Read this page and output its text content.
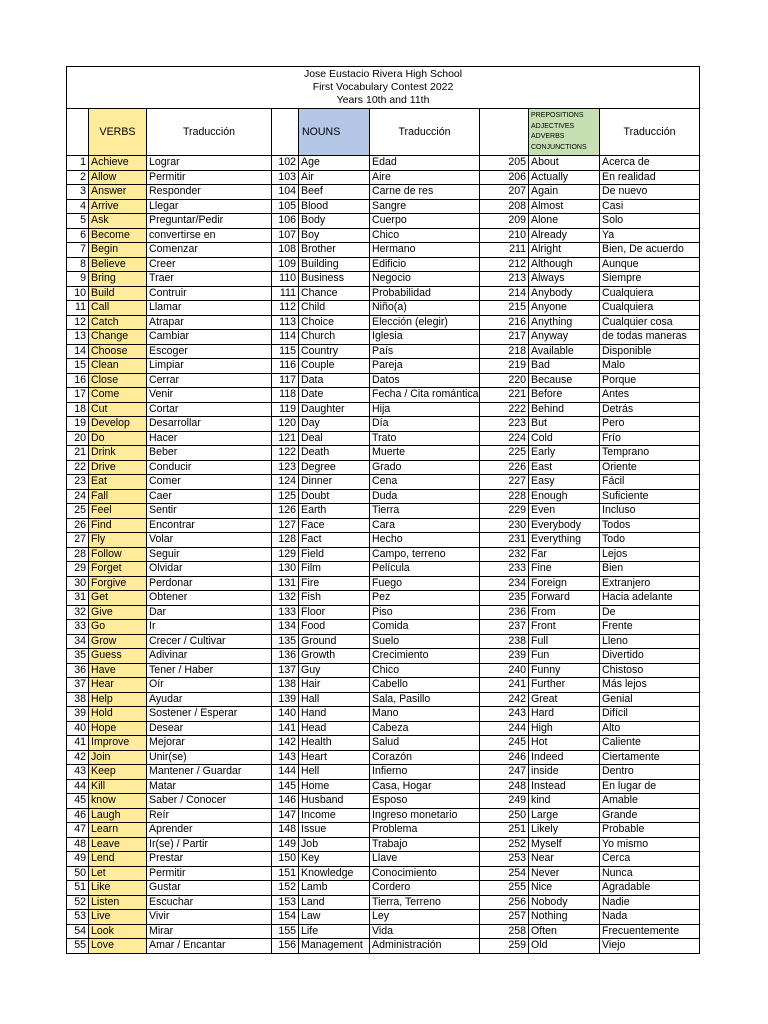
Jose Eustacio Rivera High School
First Vocabulary Contest 2022
Years 10th and 11th								

	VERBS	Traducción		NOUNS	Traducción		PREPOSITIONS
ADJECTIVES
ADVERBS
CONJUNCTIONS	Traducción
1	Achieve	Lograr	102	Age	Edad	205	About	Acerca de
2	Allow	Permitir	103	Air	Aire	206	Actually	En realidad
3	Answer	Responder	104	Beef	Carne de res	207	Again	De nuevo
4	Arrive	Llegar	105	Blood	Sangre	208	Almost	Casi
5	Ask	Preguntar/Pedir	106	Body	Cuerpo	209	Alone	Solo
6	Become	convertirse en	107	Boy	Chico	210	Already	Ya
7	Begin	Comenzar	108	Brother	Hermano	211	Alright	Bien, De acuerdo
8	Believe	Creer	109	Building	Edificio	212	Although	Aunque
9	Bring	Traer	110	Business	Negocio	213	Always	Siempre
10	Build	Contruir	111	Chance	Probabilidad	214	Anybody	Cualquiera
11	Call	Llamar	112	Child	Niño(a)	215	Anyone	Cualquiera
12	Catch	Atrapar	113	Choice	Elección (elegir)	216	Anything	Cualquier cosa
13	Change	Cambiar	114	Church	Iglesia	217	Anyway	de todas maneras
14	Choose	Escoger	115	Country	País	218	Available	Disponible
15	Clean	Limpiar	116	Couple	Pareja	219	Bad	Malo
16	Close	Cerrar	117	Data	Datos	220	Because	Porque
17	Come	Venir	118	Date	Fecha / Cita romántica	221	Before	Antes
18	Cut	Cortar	119	Daughter	Hija	222	Behind	Detrás
19	Develop	Desarrollar	120	Day	Día	223	But	Pero
20	Do	Hacer	121	Deal	Trato	224	Cold	Frío
21	Drink	Beber	122	Death	Muerte	225	Early	Temprano
22	Drive	Conducir	123	Degree	Grado	226	East	Oriente
23	Eat	Comer	124	Dinner	Cena	227	Easy	Fácil
24	Fall	Caer	125	Doubt	Duda	228	Enough	Suficiente
25	Feel	Sentir	126	Earth	Tierra	229	Even	Incluso
26	Find	Encontrar	127	Face	Cara	230	Everybody	Todos
27	Fly	Volar	128	Fact	Hecho	231	Everything	Todo
28	Follow	Seguir	129	Field	Campo, terreno	232	Far	Lejos
29	Forget	Olvidar	130	Film	Película	233	Fine	Bien
30	Forgive	Perdonar	131	Fire	Fuego	234	Foreign	Extranjero
31	Get	Obtener	132	Fish	Pez	235	Forward	Hacia adelante
32	Give	Dar	133	Floor	Piso	236	From	De
33	Go	Ir	134	Food	Comida	237	Front	Frente
34	Grow	Crecer / Cultivar	135	Ground	Suelo	238	Full	Lleno
35	Guess	Adivinar	136	Growth	Crecimiento	239	Fun	Divertido
36	Have	Tener / Haber	137	Guy	Chico	240	Funny	Chistoso
37	Hear	Oír	138	Hair	Cabello	241	Further	Más lejos
38	Help	Ayudar	139	Hall	Sala, Pasillo	242	Great	Genial
39	Hold	Sostener / Esperar	140	Hand	Mano	243	Hard	Difícil
40	Hope	Desear	141	Head	Cabeza	244	High	Alto
41	Improve	Mejorar	142	Health	Salud	245	Hot	Caliente
42	Join	Unir(se)	143	Heart	Corazón	246	Indeed	Ciertamente
43	Keep	Mantener / Guardar	144	Hell	Infierno	247	inside	Dentro
44	Kill	Matar	145	Home	Casa, Hogar	248	Instead	En lugar de
45	know	Saber / Conocer	146	Husband	Esposo	249	kind	Amable
46	Laugh	Reír	147	Income	Ingreso monetario	250	Large	Grande
47	Learn	Aprender	148	Issue	Problema	251	Likely	Probable
48	Leave	Ir(se) / Partir	149	Job	Trabajo	252	Myself	Yo mismo
49	Lend	Prestar	150	Key	Llave	253	Near	Cerca
50	Let	Permitir	151	Knowledge	Conocimiento	254	Never	Nunca
51	Like	Gustar	152	Lamb	Cordero	255	Nice	Agradable
52	Listen	Escuchar	153	Land	Tierra, Terreno	256	Nobody	Nadie
53	Live	Vivir	154	Law	Ley	257	Nothing	Nada
54	Look	Mirar	155	Life	Vida	258	Often	Frecuentemente
55	Love	Amar / Encantar	156	Management	Administración	259	Old	Viejo
